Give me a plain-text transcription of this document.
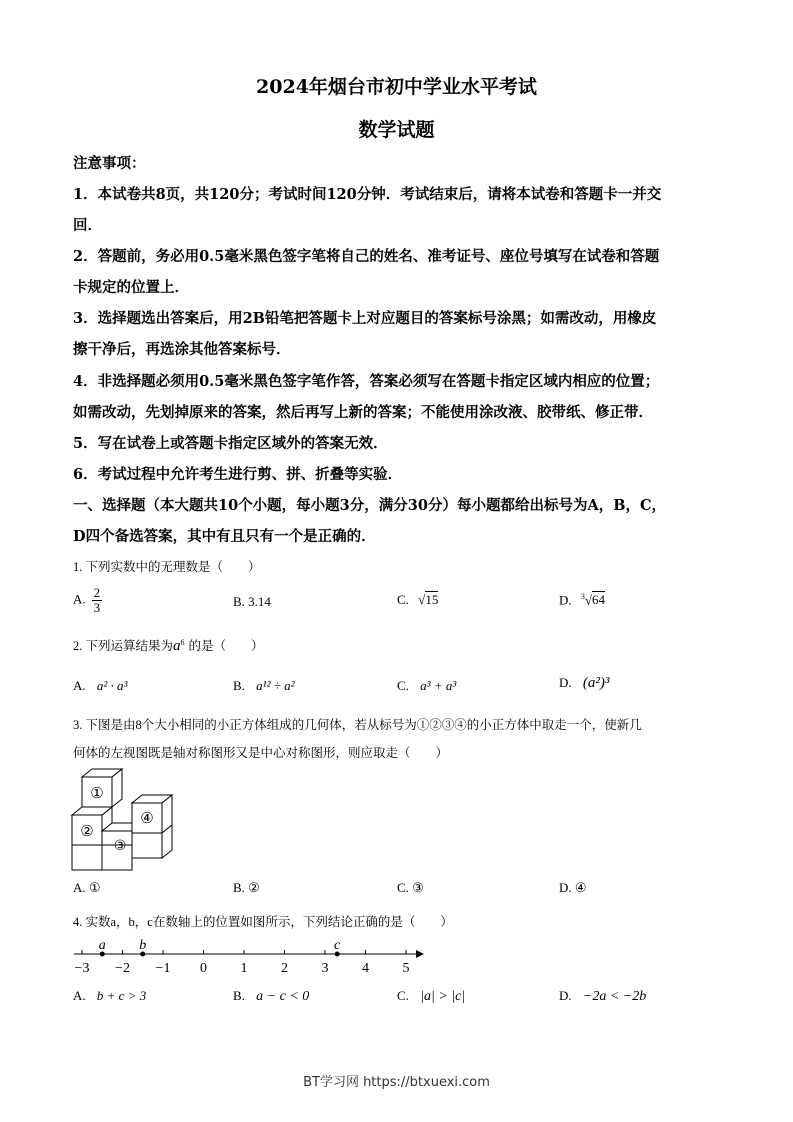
2024年烟台市初中学业水平考试
数学试题
注意事项：
1．本试卷共8页，共120分；考试时间120分钟．考试结束后，请将本试卷和答题卡一并交
回．
2．答题前，务必用0.5毫米黑色签字笔将自己的姓名、准考证号、座位号填写在试卷和答题
卡规定的位置上．
3．选择题选出答案后，用2B铅笔把答题卡上对应题目的答案标号涂黑；如需改动，用橡皮
擦干净后，再选涂其他答案标号．
4．非选择题必须用0.5毫米黑色签字笔作答，答案必须写在答题卡指定区域内相应的位置；
如需改动，先划掉原来的答案，然后再写上新的答案；不能使用涂改液、胶带纸、修正带．
5．写在试卷上或答题卡指定区域外的答案无效．
6．考试过程中允许考生进行剪、拼、折叠等实验．
一、选择题（本大题共10个小题，每小题3分，满分30分）每小题都给出标号为A，B，C，
D四个备选答案，其中有且只有一个是正确的．
1. 下列实数中的无理数是（　　）
A. $\frac{2}{3}$	B. 3.14	C. √15	D. $^3$√64
2. 下列运算结果为$a^6$ 的是（　　）
A. a² · a³	B. a¹² ÷ a²	C. a³ + a³	D. (a²)³
3. 下图是由8个大小相同的小正方体组成的几何体，若从标号为①②③④的小正方体中取走一个，使新几
何体的左视图既是轴对称图形又是中心对称图形，则应取走（　　）
①
②
③
④
A. ①	B. ②	C. ③	D. ④
4. 实数a，b，c在数轴上的位置如图所示，下列结论正确的是（　　）
−3 −2 −1 0 1 2 3 4 5
a b	c
A. b + c > 3	B. a − c < 0	C. |a| > |c|	D. −2a < −2b
BT学习网 https://btxuexi.com
